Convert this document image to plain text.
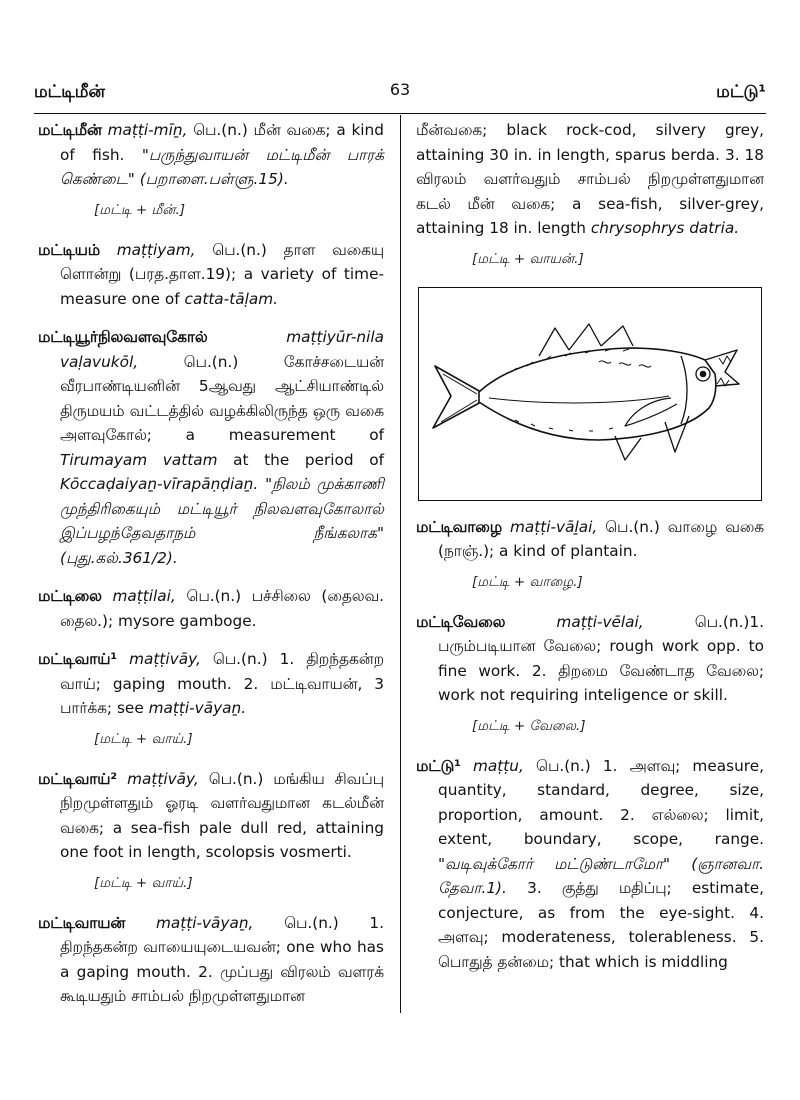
மட்டிமீன்	63	மட்டு¹
மட்டிமீன் maṭṭi-mīṉ, பெ.(n.) மீன் வகை; a kind of fish. "பருந்துவாயன் மட்டிமீன் பாரக் கெண்டை" (பறாளை.பள்ளு.15).
[மட்டி + மீன்.]
மட்டியம் maṭṭiyam, பெ.(n.) தாள வகையு ளொன்று (பரத.தாள.19); a variety of time-measure one of catta-tāḷam.
மட்டியூர்நிலவளவுகோல்	maṭṭiyūr-nila vaḷavukōl,	பெ.(n.) கோச்சடையன் வீரபாண்டியனின் 5ஆவது ஆட்சியாண்டில் திருமயம் வட்டத்தில் வழக்கிலிருந்த ஒரு வகை அளவுகோல்; a measurement of Tirumayam vattam at the period of Kōccaḍaiyaṉ-vīrapāṇḍiaṉ. "நிலம் முக்காணி முந்திரிகையும் மட்டியூர் நிலவளவுகோலால் இப்பழந்தேவதாநம் நீங்கலாக" (புது.கல்.361/2).
மட்டிலை maṭṭilai, பெ.(n.) பச்சிலை (தைலவ. தைல.); mysore gamboge.
மட்டிவாய்¹ maṭṭivāy, பெ.(n.) 1. திறந்தகன்ற வாய்; gaping mouth. 2. மட்டிவாயன், 3 பார்க்க; see maṭṭi-vāyaṉ.
[மட்டி + வாய்.]
மட்டிவாய்² maṭṭivāy, பெ.(n.) மங்கிய சிவப்பு நிறமுள்ளதும் ஓரடி வளர்வதுமான கடல்மீன் வகை; a sea-fish pale dull red, attaining one foot in length, scolopsis vosmerti.
[மட்டி + வாய்.]
மட்டிவாயன் maṭṭi-vāyaṉ, பெ.(n.) 1. திறந்தகன்ற வாயையுடையவன்; one who has a gaping mouth. 2. முப்பது விரலம் வளரக் கூடியதும் சாம்பல் நிறமுள்ளதுமான
மீன்வகை; black rock-cod, silvery grey, attaining 30 in. in length, sparus berda. 3. 18 விரலம் வளர்வதும் சாம்பல் நிறமுள்ளதுமான கடல் மீன் வகை; a sea-fish, silver-grey, attaining 18 in. length chrysophrys datria.
[மட்டி + வாயன்.]
மட்டிவாழை maṭṭi-vāḻai, பெ.(n.) வாழை வகை (நாஞ்.); a kind of plantain.
[மட்டி + வாழை.]
மட்டிவேலை	maṭṭi-vēlai,	பெ.(n.)1. பரும்படியான வேலை; rough work opp. to fine work. 2. திறமை வேண்டாத வேலை; work not requiring inteligence or skill.
[மட்டி + வேலை.]
மட்டு¹ maṭṭu, பெ.(n.) 1. அளவு; measure, quantity, standard, degree, size, proportion, amount. 2. எல்லை; limit, extent, boundary, scope, range. "வடிவுக்கோர் மட்டுண்டாமோ" (ஞானவா. தேவா.1). 3. குத்து மதிப்பு; estimate, conjecture, as from the eye-sight. 4. அளவு; moderateness, tolerableness. 5. பொதுத் தன்மை; that which is middling
